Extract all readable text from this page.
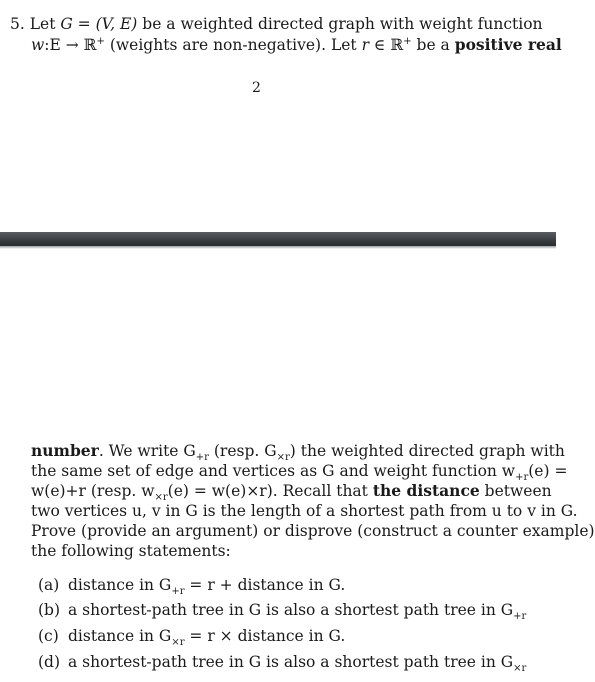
5. Let G = (V, E) be a weighted directed graph with weight function
w:E → ℝ+ (weights are non-negative). Let r ∈ ℝ+ be a positive real
2
number. We write $G_{+r}$ (resp. $G_{\times r}$) the weighted directed graph with
the same set of edge and vertices as G and weight function $w_{+r}(e)$ =
w(e)+r (resp. $w_{\times r}(e) = w(e)\times r$). Recall that the distance between
two vertices u, v in G is the length of a shortest path from u to v in G.
Prove (provide an argument) or disprove (construct a counter example)
the following statements:
(a) distance in $G_{+r} = r$ + distance in G.
(b) a shortest-path tree in G is also a shortest path tree in $G_{+r}$
(c) distance in $G_{\times r} = r$ × distance in G.
(d) a shortest-path tree in G is also a shortest path tree in $G_{\times r}$
